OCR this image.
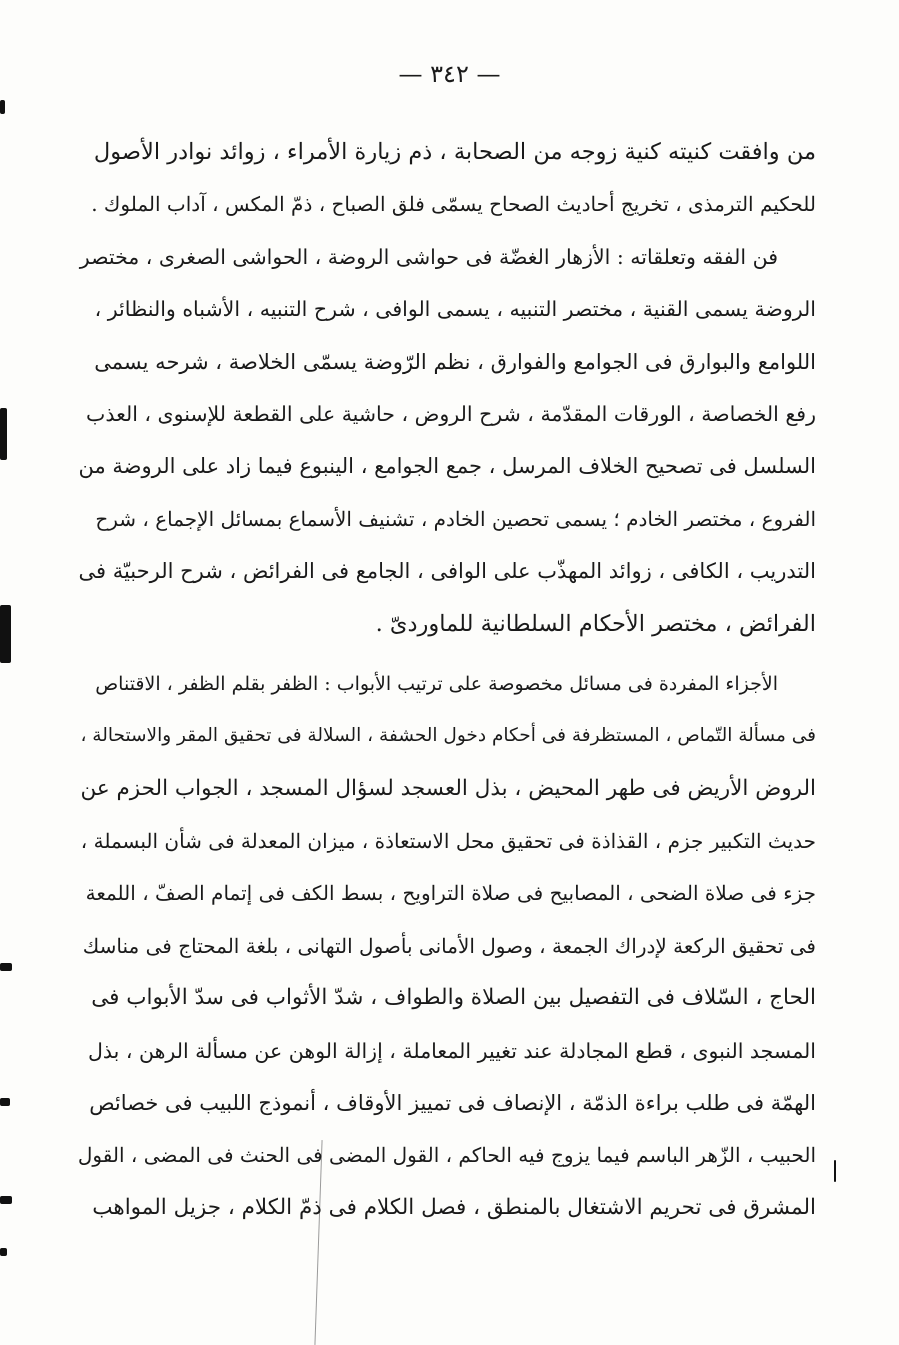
— ٣٤٢ —
من وافقت كنيته كنية زوجه من الصحابة ، ذم زيارة الأمراء ، زوائد نوادر الأصول
للحكيم الترمذى ، تخريج أحاديث الصحاح يسمّى فلق الصباح ، ذمّ المكس ، آداب الملوك .
فن الفقه وتعلقاته : الأزهار الغضّة فى حواشى الروضة ، الحواشى الصغرى ، مختصر
الروضة يسمى القنية ، مختصر التنبيه ، يسمى الوافى ، شرح التنبيه ، الأشباه والنظائر ،
اللوامع والبوارق فى الجوامع والفوارق ، نظم الرّوضة يسمّى الخلاصة ، شرحه يسمى
رفع الخصاصة ، الورقات المقدّمة ، شرح الروض ، حاشية على القطعة للإسنوى ، العذب
السلسل فى تصحيح الخلاف المرسل ، جمع الجوامع ، الينبوع فيما زاد على الروضة من
الفروع ، مختصر الخادم ؛ يسمى تحصين الخادم ، تشنيف الأسماع بمسائل الإجماع ، شرح
التدريب ، الكافى ، زوائد المهذّب على الوافى ، الجامع فى الفرائض ، شرح الرحبيّة فى
الفرائض ، مختصر الأحكام السلطانية للماوردىّ .
الأجزاء المفردة فى مسائل مخصوصة على ترتيب الأبواب : الظفر بقلم الظفر ، الاقتناص
فى مسألة التّماص ، المستظرفة فى أحكام دخول الحشفة ، السلالة فى تحقيق المقر والاستحالة ،
الروض الأريض فى طهر المحيض ، بذل العسجد لسؤال المسجد ، الجواب الحزم عن
حديث التكبير جزم ، القذاذة فى تحقيق محل الاستعاذة ، ميزان المعدلة فى شأن البسملة ،
جزء فى صلاة الضحى ، المصابيح فى صلاة التراويح ، بسط الكف فى إتمام الصفّ ، اللمعة
فى تحقيق الركعة لإدراك الجمعة ، وصول الأمانى بأصول التهانى ، بلغة المحتاج فى مناسك
الحاج ، السّلاف فى التفصيل بين الصلاة والطواف ، شدّ الأثواب فى سدّ الأبواب فى
المسجد النبوى ، قطع المجادلة عند تغيير المعاملة ، إزالة الوهن عن مسألة الرهن ، بذل
الهمّة فى طلب براءة الذمّة ، الإنصاف فى تمييز الأوقاف ، أنموذج اللبيب فى خصائص
الحبيب ، الزّهر الباسم فيما يزوج فيه الحاكم ، القول المضى فى الحنث فى المضى ، القول
المشرق فى تحريم الاشتغال بالمنطق ، فصل الكلام فى ذمّ الكلام ، جزيل المواهب
